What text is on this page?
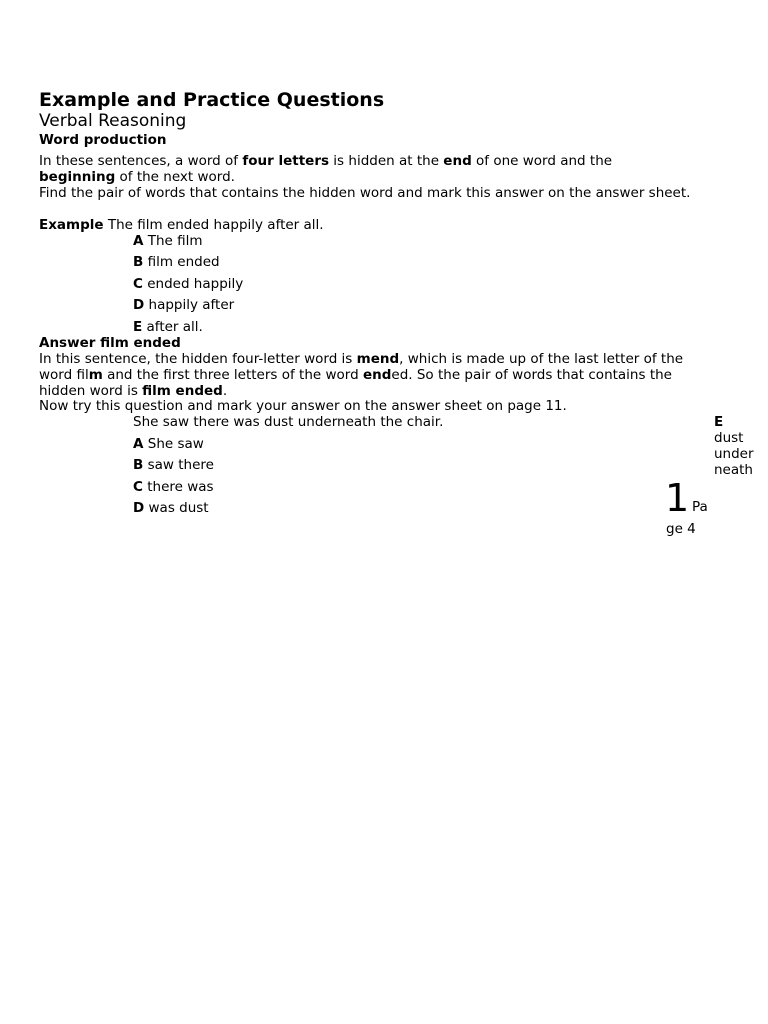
Example and Practice Questions
Verbal Reasoning
Word production
In these sentences, a word of four letters is hidden at the end of one word and the
beginning of the next word.
Find the pair of words that contains the hidden word and mark this answer on the answer sheet.
Example The film ended happily after all.
A The film
B film ended
C ended happily
D happily after
E after all.
Answer film ended
In this sentence, the hidden four-letter word is mend, which is made up of the last letter of the word film and the first three letters of the word ended. So the pair of words that contains the hidden word is film ended.
Now try this question and mark your answer on the answer sheet on page 11.
She saw there was dust underneath the chair.
A She saw
B saw there
C there was
D was dust
E
dust
under
neath
1 Pa
ge 4
